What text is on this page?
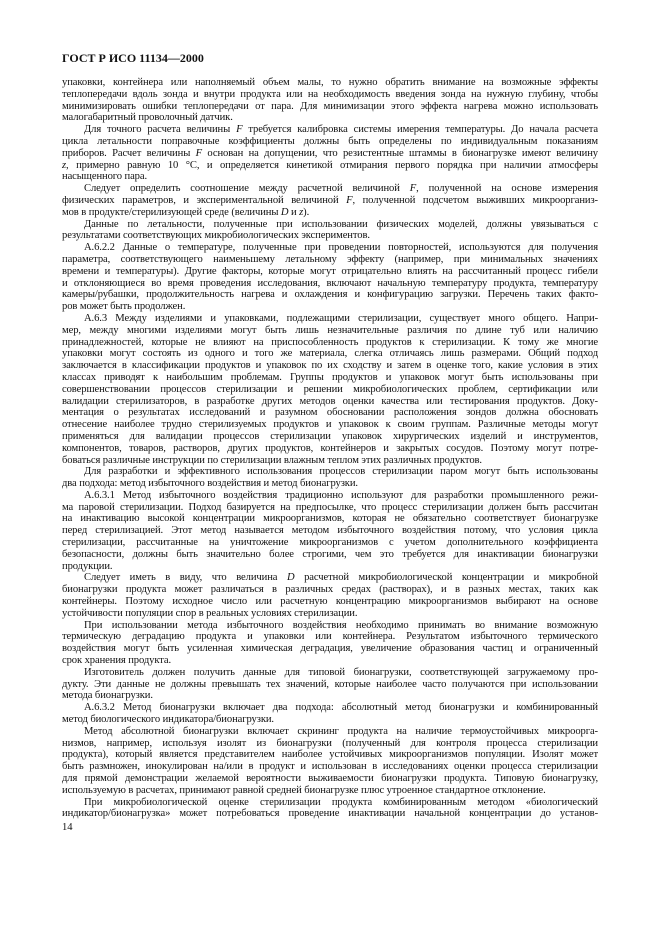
ГОСТ Р ИСО 11134—2000
упаковки, контейнера или наполняемый объем малы, то нужно обратить внимание на возможные эффекты
теплопередачи вдоль зонда и внутри продукта или на необходимость введения зонда на нужную глубину, чтобы
минимизировать ошибки теплопередачи от пара. Для минимизации этого эффекта нагрева можно использовать
малогабаритный проволочный датчик.
Для точного расчета величины F требуется калибровка системы имерения температуры. До начала расчета
цикла летальности поправочные коэффициенты должны быть определены по индивидуальным показаниям
приборов. Расчет величины F основан на допущении, что резистентные штаммы в бионагрузке имеют величину
z, примерно равную 10 °C, и определяется кинетикой отмирания первого порядка при наличии атмосферы
насыщенного пара.
Следует определить соотношение между расчетной величиной F, полученной на основе измерения
физических параметров, и экспериментальной величиной F, полученной подсчетом выживших микроорганиз-
мов в продукте/стерилизующей среде (величины D и z).
Данные по летальности, полученные при использовании физических моделей, должны увязываться с
результатами соответствующих микробиологических экспериментов.
А.6.2.2 Данные о температуре, полученные при проведении повторностей, используются для получения
параметра, соответствующего наименьшему летальному эффекту (например, при минимальных значениях
времени и температуры). Другие факторы, которые могут отрицательно влиять на рассчитанный процесс гибели
и отклоняющиеся во время проведения исследования, включают начальную температуру продукта, температуру
камеры/рубашки, продолжительность нагрева и охлаждения и конфигурацию загрузки. Перечень таких факто-
ров может быть продолжен.
А.6.3 Между изделиями и упаковками, подлежащими стерилизации, существует много общего. Напри-
мер, между многими изделиями могут быть лишь незначительные различия по длине туб или наличию
принадлежностей, которые не влияют на приспособленность продуктов к стерилизации. К тому же многие
упаковки могут состоять из одного и того же материала, слегка отличаясь лишь размерами. Общий подход
заключается в классификации продуктов и упаковок по их сходству и затем в оценке того, какие условия в этих
классах приводят к наибольшим проблемам. Группы продуктов и упаковок могут быть использованы при
совершенствовании процессов стерилизации и решении микробиологических проблем, сертификации или
валидации стерилизаторов, в разработке других методов оценки качества или тестирования продуктов. Доку-
ментация о результатах исследований и разумном обосновании расположения зондов должна обосновать
отнесение наиболее трудно стерилизуемых продуктов и упаковок к своим группам. Различные методы могут
применяться для валидации процессов стерилизации упаковок хирургических изделий и инструментов,
компонентов, товаров, растворов, других продуктов, контейнеров и закрытых сосудов. Поэтому могут потре-
боваться различные инструкции по стерилизации влажным теплом этих различных продуктов.
Для разработки и эффективного использования процессов стерилизации паром могут быть использованы
два подхода: метод избыточного воздействия и метод бионагрузки.
А.6.3.1 Метод избыточного воздействия традиционно используют для разработки промышленного режи-
ма паровой стерилизации. Подход базируется на предпосылке, что процесс стерилизации должен быть рассчитан
на инактивацию высокой концентрации микроорганизмов, которая не обязательно соответствует бионагрузке
перед стерилизацией. Этот метод называется методом избыточного воздействия потому, что условия цикла
стерилизации, рассчитанные на уничтожение микроорганизмов с учетом дополнительного коэффициента
безопасности, должны быть значительно более строгими, чем это требуется для инактивации бионагрузки
продукции.
Следует иметь в виду, что величина D расчетной микробиологической концентрации и микробной
бионагрузки продукта может различаться в различных средах (растворах), и в разных местах, таких как
контейнеры. Поэтому исходное число или расчетную концентрацию микроорганизмов выбирают на основе
устойчивости популяции спор в реальных условиях стерилизации.
При использовании метода избыточного воздействия необходимо принимать во внимание возможную
термическую деградацию продукта и упаковки или контейнера. Результатом избыточного термического
воздействия могут быть усиленная химическая деградация, увеличение образования частиц и ограниченный
срок хранения продукта.
Изготовитель должен получить данные для типовой бионагрузки, соответствующей загружаемому про-
дукту. Эти данные не должны превышать тех значений, которые наиболее часто получаются при использовании
метода бионагрузки.
А.6.3.2 Метод бионагрузки включает два подхода: абсолютный метод бионагрузки и комбинированный
метод биологического индикатора/бионагрузки.
Метод абсолютной бионагрузки включает скрининг продукта на наличие термоустойчивых микроорга-
низмов, например, используя изолят из бионагрузки (полученный для контроля процесса стерилизации
продукта), который является представителем наиболее устойчивых микроорганизмов популяции. Изолят может
быть размножен, инокулирован на/или в продукт и использован в исследованиях оценки процесса стерилизации
для прямой демонстрации желаемой вероятности выживаемости бионагрузки продукта. Типовую бионагрузку,
используемую в расчетах, принимают равной средней бионагрузке плюс утроенное стандартное отклонение.
При микробиологической оценке стерилизации продукта комбинированным методом «биологический
индикатор/бионагрузка» может потребоваться проведение инактивации начальной концентрации до установ-
14
